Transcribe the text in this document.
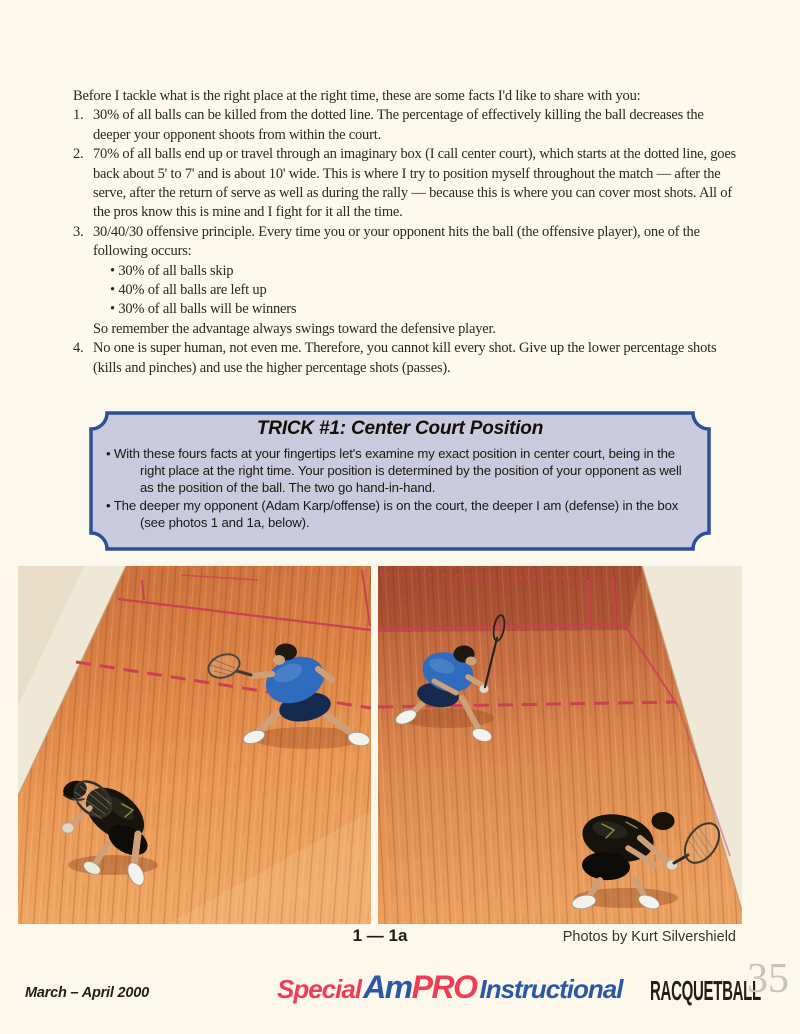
Before I tackle what is the right place at the right time, these are some facts I'd like to share with you:
1. 30% of all balls can be killed from the dotted line. The percentage of effectively killing the ball decreases the deeper your opponent shoots from within the court.
2. 70% of all balls end up or travel through an imaginary box (I call center court), which starts at the dotted line, goes back about 5' to 7' and is about 10' wide. This is where I try to position myself throughout the match — after the serve, after the return of serve as well as during the rally — because this is where you can cover most shots. All of the pros know this is mine and I fight for it all the time.
3. 30/40/30 offensive principle. Every time you or your opponent hits the ball (the offensive player), one of the following occurs:
• 30% of all balls skip
• 40% of all balls are left up
• 30% of all balls will be winners
So remember the advantage always swings toward the defensive player.
4. No one is super human, not even me. Therefore, you cannot kill every shot. Give up the lower percentage shots (kills and pinches) and use the higher percentage shots (passes).
TRICK #1: Center Court Position
• With these fours facts at your fingertips let's examine my exact position in center court, being in the right place at the right time. Your position is determined by the position of your opponent as well as the position of the ball. The two go hand-in-hand.
• The deeper my opponent (Adam Karp/offense) is on the court, the deeper I am (defense) in the box (see photos 1 and 1a, below).
1 — 1a	Photos by Kurt Silvershield
March – April 2000	Special Am PRO Instructional RACQUETBALL
35
